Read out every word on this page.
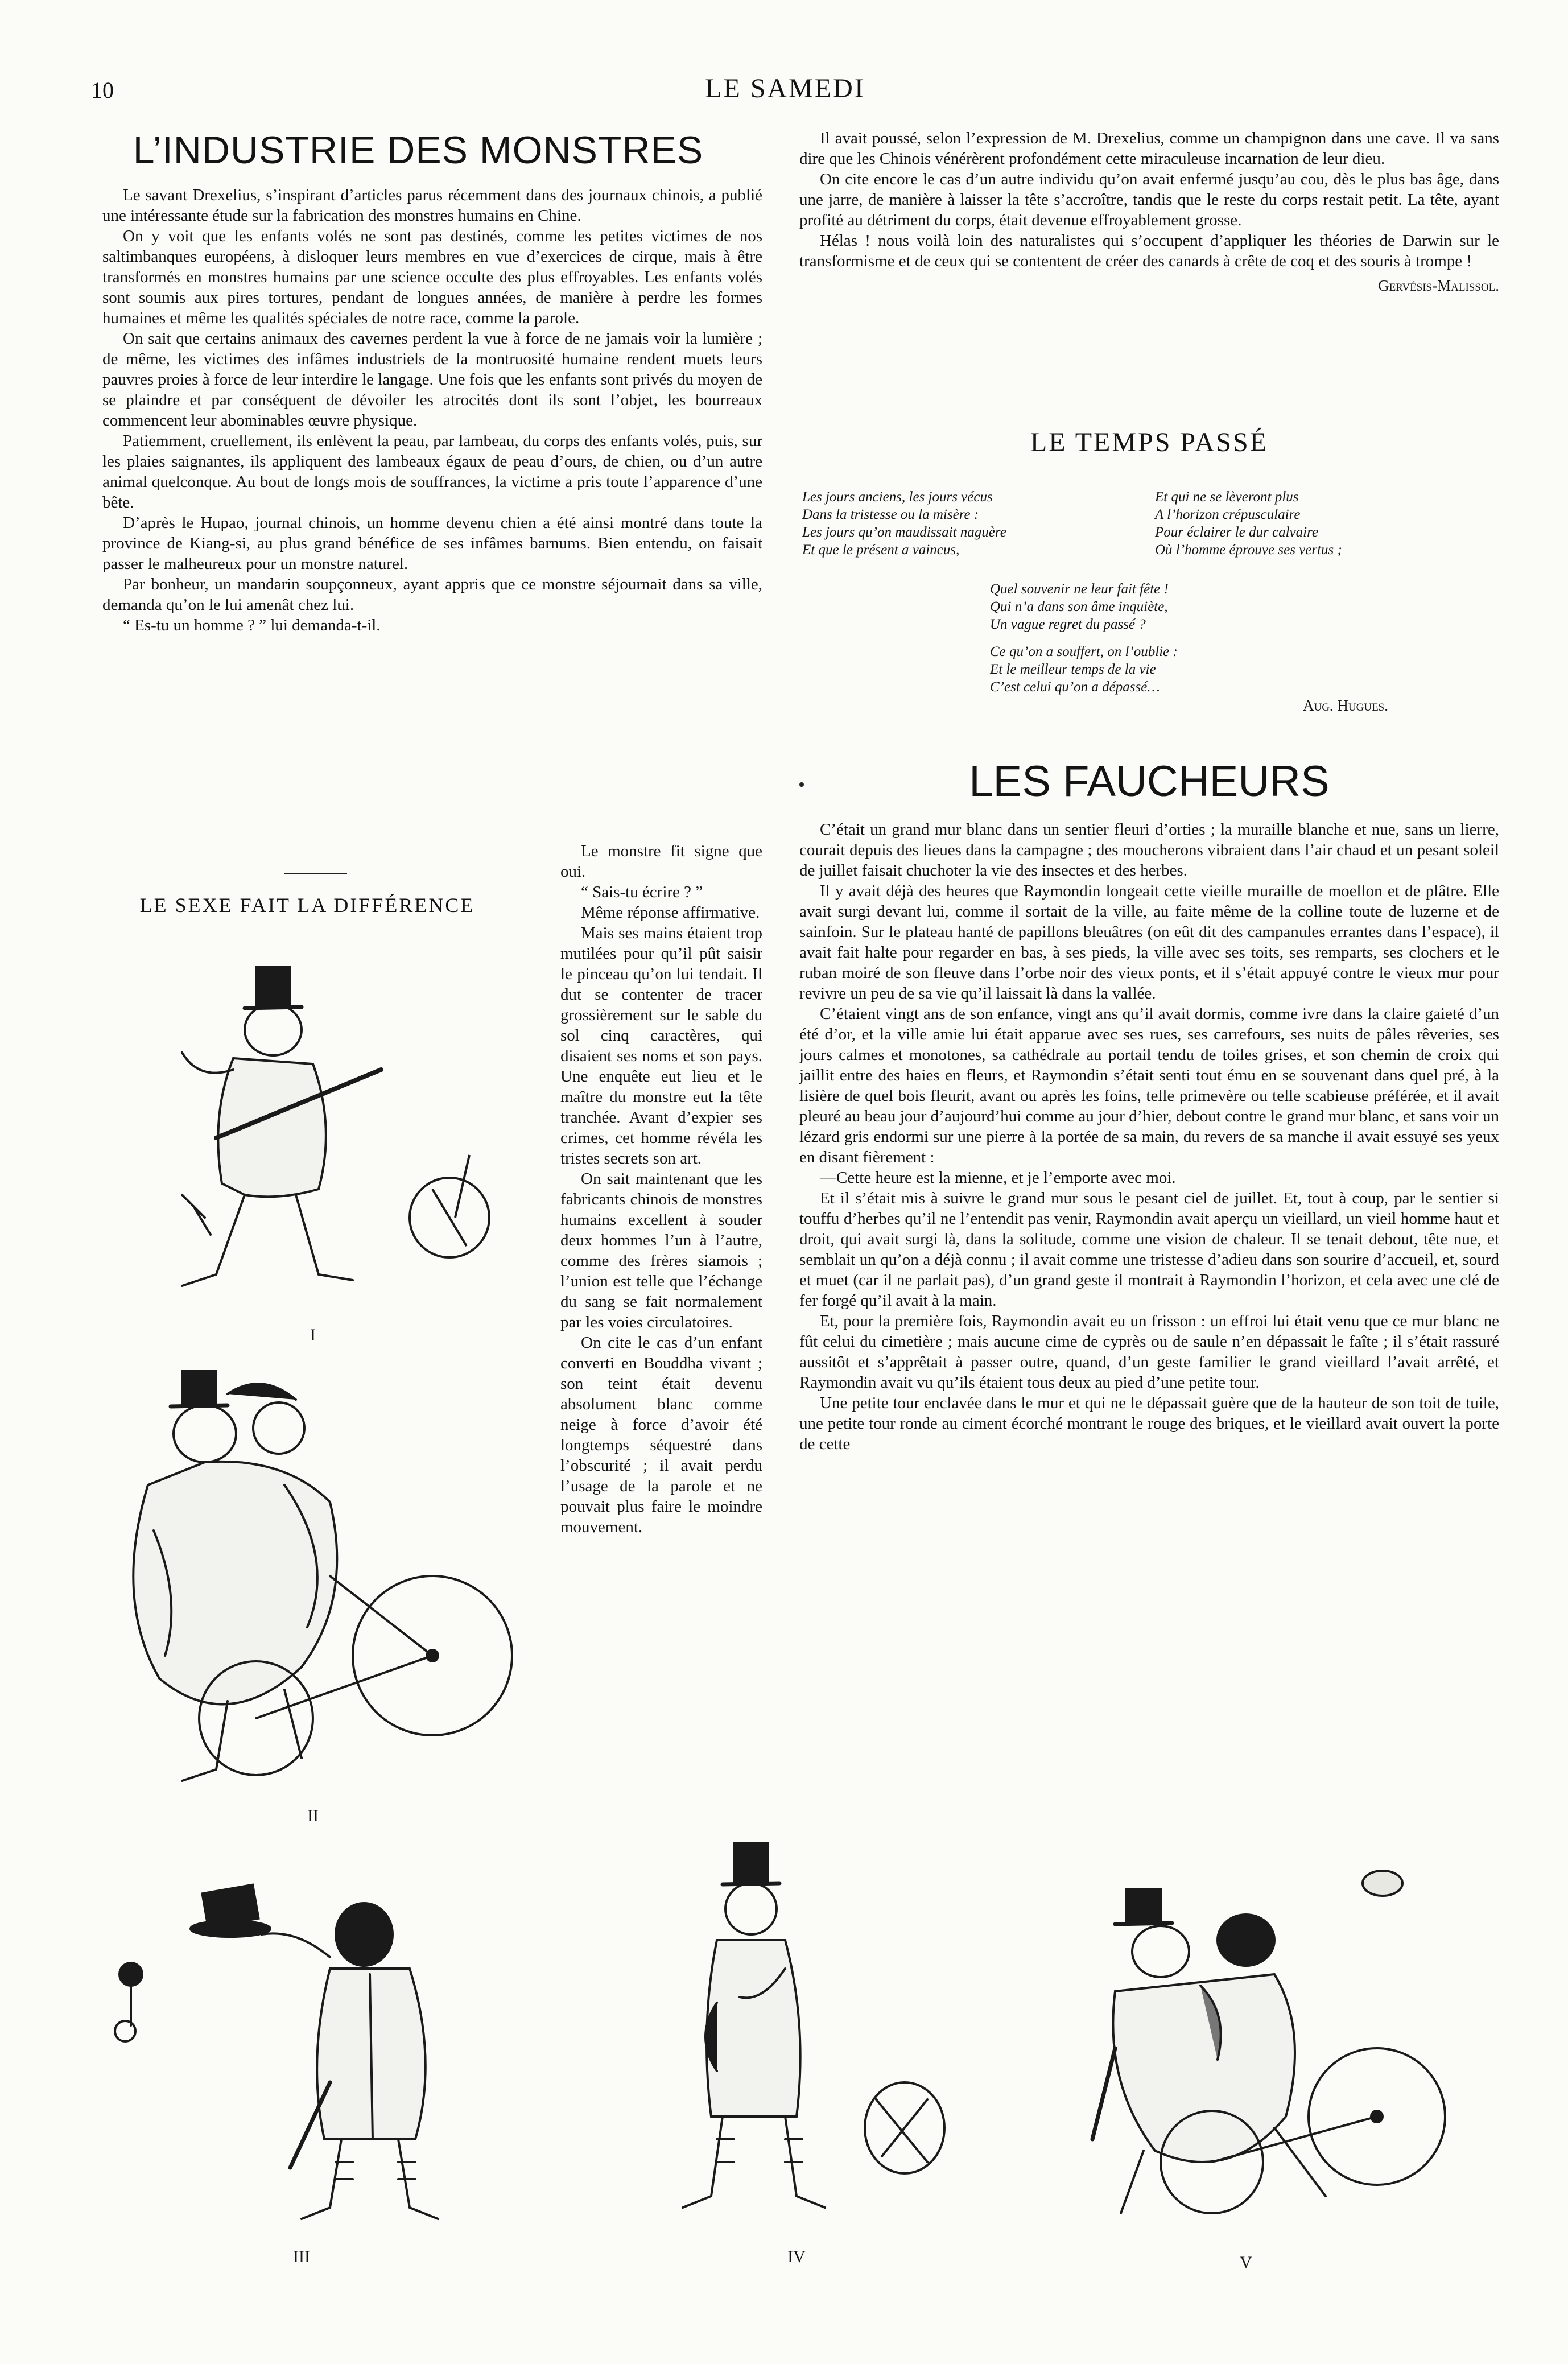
10	LE SAMEDI
L’INDUSTRIE DES MONSTRES

Le savant Drexelius, s’inspirant d’articles parus récemment dans des journaux chinois, a publié une intéressante étude sur la fabrication des monstres humains en Chine.

On y voit que les enfants volés ne sont pas destinés, comme les petites victimes de nos saltimbanques européens, à disloquer leurs membres en vue d’exercices de cirque, mais à être transformés en monstres humains par une science occulte des plus effroyables. Les enfants volés sont soumis aux pires tortures, pendant de longues années, de manière à perdre les formes humaines et même les qualités spéciales de notre race, comme la parole.

On sait que certains animaux des cavernes perdent la vue à force de ne jamais voir la lumière ; de même, les victimes des infâmes industriels de la montruosité humaine rendent muets leurs pauvres proies à force de leur interdire le langage. Une fois que les enfants sont privés du moyen de se plaindre et par conséquent de dévoiler les atrocités dont ils sont l’objet, les bourreaux commencent leur abominables œuvre physique.

Patiemment, cruellement, ils enlèvent la peau, par lambeau, du corps des enfants volés, puis, sur les plaies saignantes, ils appliquent des lambeaux égaux de peau d’ours, de chien, ou d’un autre animal quelconque. Au bout de longs mois de souffrances, la victime a pris toute l’apparence d’une bête.

D’après le Hupao, journal chinois, un homme devenu chien a été ainsi montré dans toute la province de Kiang-si, au plus grand bénéfice de ses infâmes barnums. Bien entendu, on faisait passer le malheureux pour un monstre naturel.

Par bonheur, un mandarin soupçonneux, ayant appris que ce monstre séjournait dans sa ville, demanda qu’on le lui amenât chez lui.

“ Es-tu un homme ? ” lui demanda-t-il.

Le monstre fit signe que oui.

“ Sais-tu écrire ? ”

Même réponse affirmative.

Mais ses mains étaient trop mutilées pour qu’il pût saisir le pinceau qu’on lui tendait. Il dut se contenter de tracer grossièrement sur le sable du sol cinq caractères, qui disaient ses noms et son pays. Une enquête eut lieu et le maître du monstre eut la tête tranchée. Avant d’expier ses crimes, cet homme révéla les tristes secrets son art.

On sait maintenant que les fabricants chinois de monstres humains excellent à souder deux hommes l’un à l’autre, comme des frères siamois ; l’union est telle que l’échange du sang se fait normalement par les voies circulatoires.

On cite le cas d’un enfant converti en Bouddha vivant ; son teint était devenu absolument blanc comme neige à force d’avoir été longtemps séquestré dans l’obscurité ; il avait perdu l’usage de la parole et ne pouvait plus faire le moindre mouvement.

Il avait poussé, selon l’expression de M. Drexelius, comme un champignon dans une cave. Il va sans dire que les Chinois vénérèrent profondément cette miraculeuse incarnation de leur dieu.

On cite encore le cas d’un autre individu qu’on avait enfermé jusqu’au cou, dès le plus bas âge, dans une jarre, de manière à laisser la tête s’accroître, tandis que le reste du corps restait petit. La tête, ayant profité au détriment du corps, était devenue effroyablement grosse.

Hélas ! nous voilà loin des naturalistes qui s’occupent d’appliquer les théories de Darwin sur le transformisme et de ceux qui se contentent de créer des canards à crête de coq et des souris à trompe !

Gervésis-Malissol.
LE TEMPS PASSÉ
Les jours anciens, les jours vécus
Dans la tristesse ou la misère :
Les jours qu’on maudissait naguère
Et que le présent a vaincus,
Et qui ne se lèveront plus
A l’horizon crépusculaire
Pour éclairer le dur calvaire
Où l’homme éprouve ses vertus ;
Quel souvenir ne leur fait fête !
Qui n’a dans son âme inquiète,
Un vague regret du passé ?
Ce qu’on a souffert, on l’oublie :
Et le meilleur temps de la vie
C’est celui qu’on a dépassé…
Aug. Hugues.
LES FAUCHEURS

C’était un grand mur blanc dans un sentier fleuri d’orties ; la muraille blanche et nue, sans un lierre, courait depuis des lieues dans la campagne ; des moucherons vibraient dans l’air chaud et un pesant soleil de juillet faisait chuchoter la vie des insectes et des herbes.

Il y avait déjà des heures que Raymondin longeait cette vieille muraille de moellon et de plâtre. Elle avait surgi devant lui, comme il sortait de la ville, au faite même de la colline toute de luzerne et de sainfoin. Sur le plateau hanté de papillons bleuâtres (on eût dit des campanules errantes dans l’espace), il avait fait halte pour regarder en bas, à ses pieds, la ville avec ses toits, ses remparts, ses clochers et le ruban moiré de son fleuve dans l’orbe noir des vieux ponts, et il s’était appuyé contre le vieux mur pour revivre un peu de sa vie qu’il laissait là dans la vallée.

C’étaient vingt ans de son enfance, vingt ans qu’il avait dormis, comme ivre dans la claire gaieté d’un été d’or, et la ville amie lui était apparue avec ses rues, ses carrefours, ses nuits de pâles rêveries, ses jours calmes et monotones, sa cathédrale au portail tendu de toiles grises, et son chemin de croix qui jaillit entre des haies en fleurs, et Raymondin s’était senti tout ému en se souvenant dans quel pré, à la lisière de quel bois fleurit, avant ou après les foins, telle primevère ou telle scabieuse préférée, et il avait pleuré au beau jour d’aujourd’hui comme au jour d’hier, debout contre le grand mur blanc, et sans voir un lézard gris endormi sur une pierre à la portée de sa main, du revers de sa manche il avait essuyé ses yeux en disant fièrement :

—Cette heure est la mienne, et je l’emporte avec moi.

Et il s’était mis à suivre le grand mur sous le pesant ciel de juillet. Et, tout à coup, par le sentier si touffu d’herbes qu’il ne l’entendit pas venir, Raymondin avait aperçu un vieillard, un vieil homme haut et droit, qui avait surgi là, dans la solitude, comme une vision de chaleur. Il se tenait debout, tête nue, et semblait un qu’on a déjà connu ; il avait comme une tristesse d’adieu dans son sourire d’accueil, et, sourd et muet (car il ne parlait pas), d’un grand geste il montrait à Raymondin l’horizon, et cela avec une clé de fer forgé qu’il avait à la main.

Et, pour la première fois, Raymondin avait eu un frisson : un effroi lui était venu que ce mur blanc ne fût celui du cimetière ; mais aucune cime de cyprès ou de saule n’en dépassait le faîte ; il s’était rassuré aussitôt et s’apprêtait à passer outre, quand, d’un geste familier le grand vieillard l’avait arrêté, et Raymondin avait vu qu’ils étaient tous deux au pied d’une petite tour.

Une petite tour enclavée dans le mur et qui ne le dépassait guère que de la hauteur de son toit de tuile, une petite tour ronde au ciment écorché montrant le rouge des briques, et le vieillard avait ouvert la porte de cette

LE SEXE FAIT LA DIFFÉRENCE
I
II
III	IV	V
